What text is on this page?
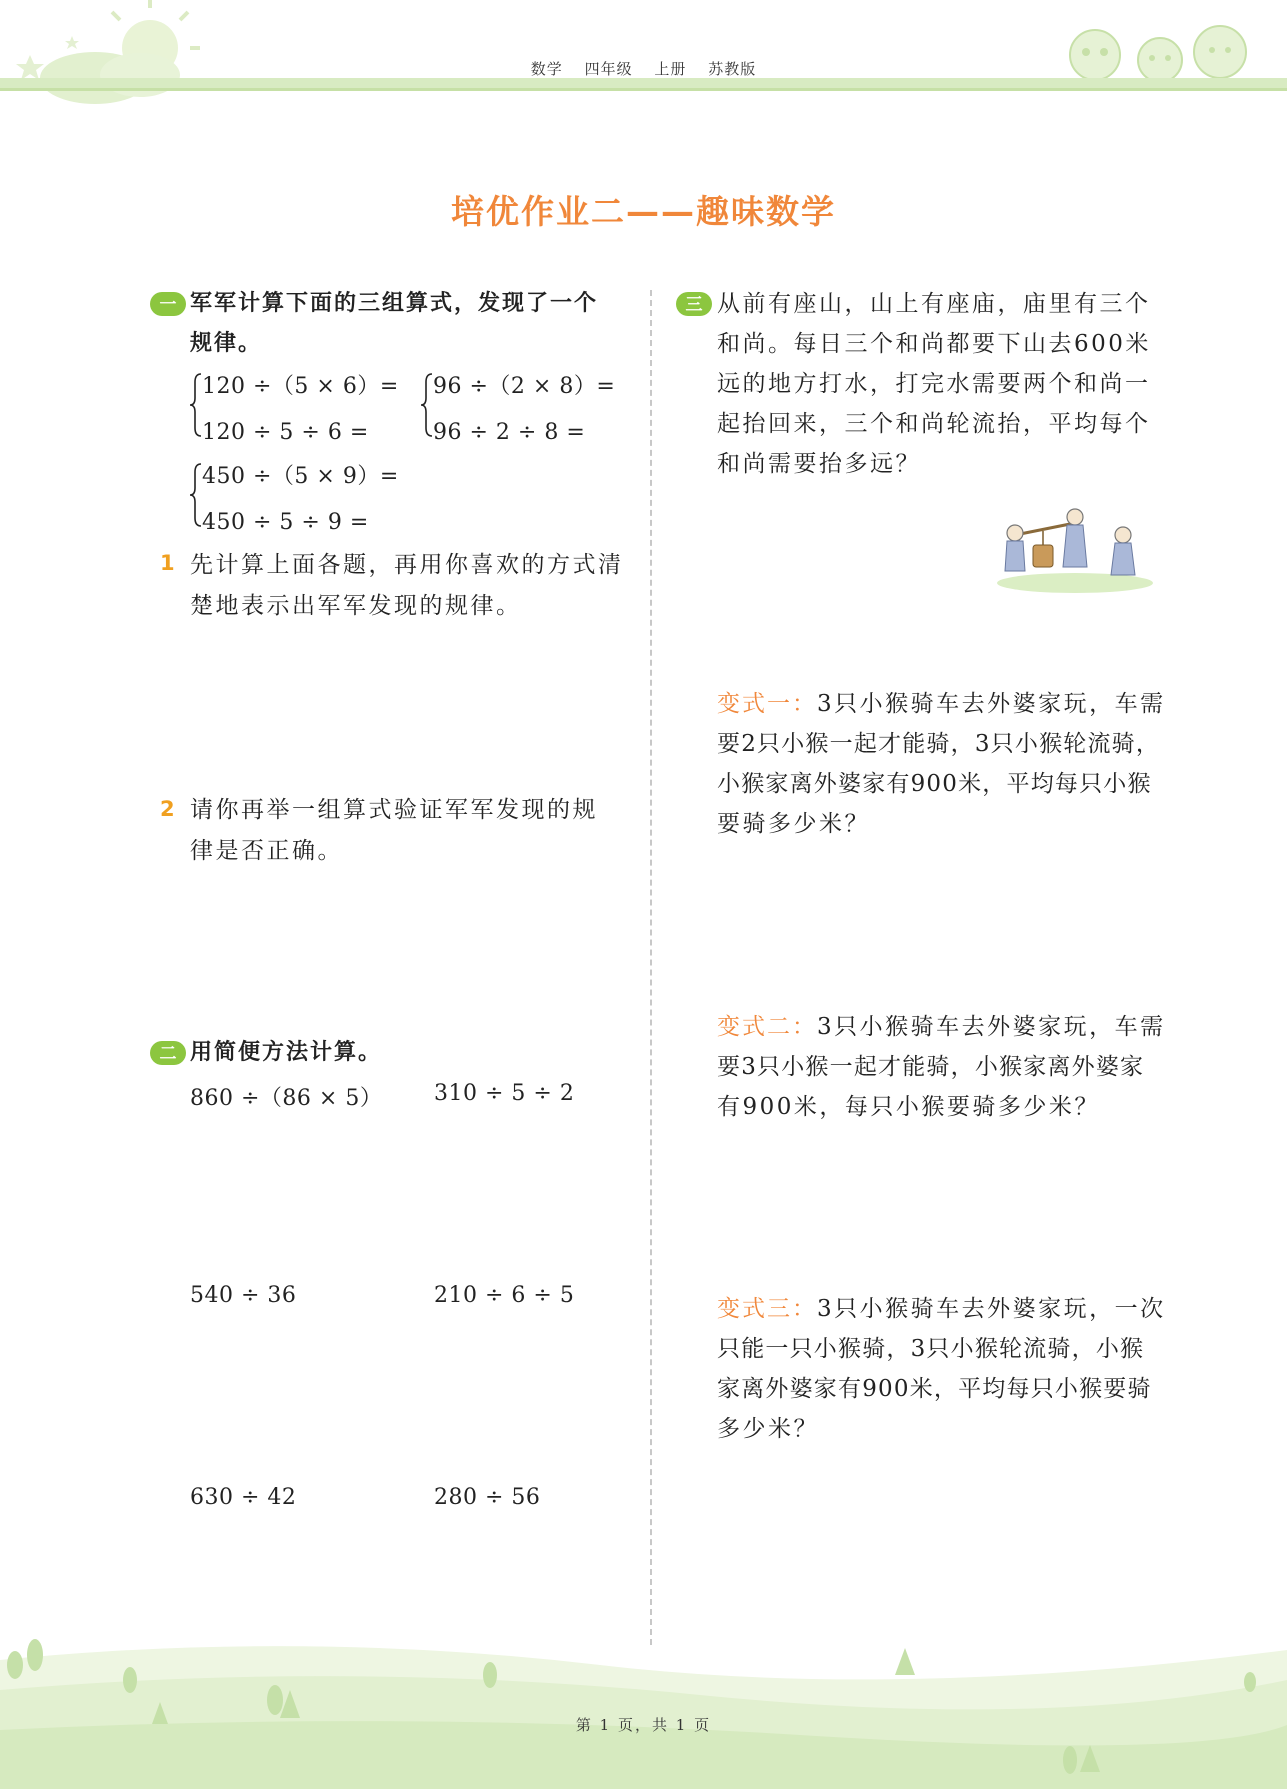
数学 四年级 上册 苏教版
培优作业二——趣味数学
一 军军计算下面的三组算式，发现了一个
规律。
120 ÷（5 × 6）=
120 ÷ 5 ÷ 6 =
96 ÷（2 × 8）=
96 ÷ 2 ÷ 8 =
450 ÷（5 × 9）=
450 ÷ 5 ÷ 9 =
1 先计算上面各题，再用你喜欢的方式清
楚地表示出军军发现的规律。
2 请你再举一组算式验证军军发现的规
律是否正确。
二 用简便方法计算。
860 ÷（86 × 5） 310 ÷ 5 ÷ 2
540 ÷ 36	210 ÷ 6 ÷ 5
630 ÷ 42	280 ÷ 56
三 从前有座山，山上有座庙，庙里有三个
和尚。每日三个和尚都要下山去600米
远的地方打水，打完水需要两个和尚一
起抬回来，三个和尚轮流抬，平均每个
和尚需要抬多远？
变式一：3只小猴骑车去外婆家玩，车需
要2只小猴一起才能骑，3只小猴轮流骑，
小猴家离外婆家有900米，平均每只小猴
要骑多少米？
变式二：3只小猴骑车去外婆家玩，车需
要3只小猴一起才能骑，小猴家离外婆家
有900米，每只小猴要骑多少米？
变式三：3只小猴骑车去外婆家玩，一次
只能一只小猴骑，3只小猴轮流骑，小猴
家离外婆家有900米，平均每只小猴要骑
多少米？
第 1 页，共 1 页
